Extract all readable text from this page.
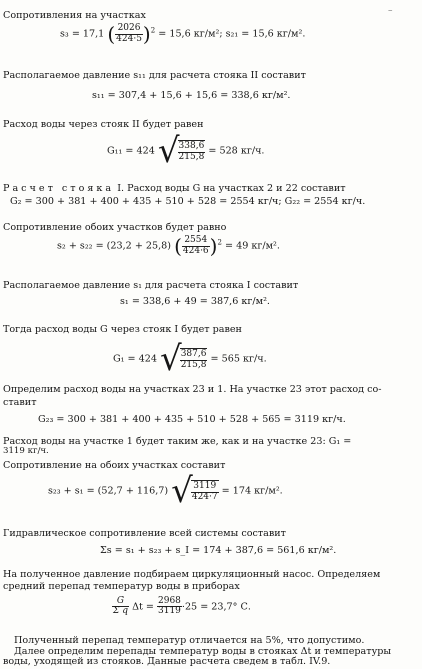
–
Сопротивления на участках
s₃ = 17,1 ( $\frac{2026}{424\cdot 5} )^2 = 15,6$ кг/м²; s₂₁ = 15,6 кг/м².
Располагаемое давление s₁₁ для расчета стояка II составит
s₁₁ = 307,4 + 15,6 + 15,6 = 338,6 кг/м².
Расход воды через стояк II будет равен
G₁₁ = 424 √
$\frac{338,6}{215,8} = 528$ кг/ч.
Расчет стояка I. Расход воды G на участках 2 и 22 составит
G₂ = 300 + 381 + 400 + 435 + 510 + 528 = 2554 кг/ч; G₂₂ = 2554 кг/ч.
Сопротивление обоих участков будет равно
s₂ + s₂₂ = (23,2 + 25,8) ( $\frac{2554}{424\cdot 6} )^2 = 49$ кг/м².
Располагаемое давление s₁ для расчета стояка I составит
s₁ = 338,6 + 49 = 387,6 кг/м².
Тогда расход воды G через стояк I будет равен
G₁ = 424 √
$\frac{387,6}{215,8} = 565$ кг/ч.
Определим расход воды на участках 23 и 1. На участке 23 этот расход со-
ставит
G₂₃ = 300 + 381 + 400 + 435 + 510 + 528 + 565 = 3119 кг/ч.
Расход воды на участке 1 будет таким же, как и на участке 23: G₁ =
3119 кг/ч.
Сопротивление на обоих участках составит
s₂₃ + s₁ = (52,7 + 116,7) √
$\frac{3119}{424\cdot 7} = 174$ кг/м².
Гидравлическое сопротивление всей системы составит
Σs = s₁ + s₂₃ + s_I = 174 + 387,6 = 561,6 кг/м².
На полученное давление подбираем циркуляционный насос. Определяем
средний перепад температур воды в приборах
$\frac{G}{\text{Σ q}}$ $\Delta t = \frac{2968}{3119} \cdot 25 = 23,7^\circ$ С.
Полученный перепад температур отличается на 5%, что допустимо.
Далее определим перепады температур воды в стояках Δt и температуры
воды, уходящей из стояков. Данные расчета сведем в табл. IV.9.
